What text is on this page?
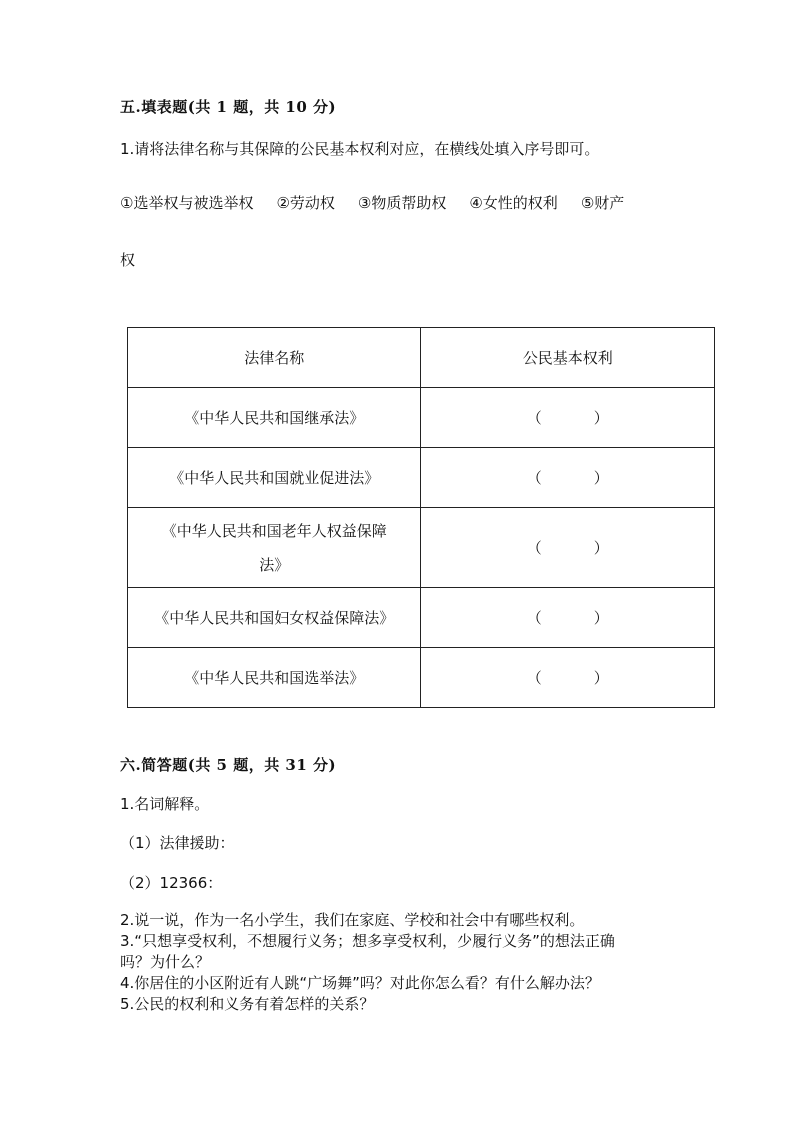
五.填表题(共 1 题，共 10 分)
1.请将法律名称与其保障的公民基本权利对应，在横线处填入序号即可。
①选举权与被选举权 ②劳动权 ③物质帮助权 ④女性的权利 ⑤财产
权
法律名称	公民基本权利
《中华人民共和国继承法》	（ ）
《中华人民共和国就业促进法》	（ ）

《中华人民共和国老年人权益保障
法》	（ ）
《中华人民共和国妇女权益保障法》	（ ）
《中华人民共和国选举法》	（ ）
六.简答题(共 5 题，共 31 分)
1.名词解释。
（1）法律援助：
（2）12366：
2.说一说，作为一名小学生，我们在家庭、学校和社会中有哪些权利。
3.“只想享受权利，不想履行义务；想多享受权利，少履行义务”的想法正确
吗？为什么？
4.你居住的小区附近有人跳“广场舞”吗？对此你怎么看？有什么解办法？
5.公民的权利和义务有着怎样的关系？
